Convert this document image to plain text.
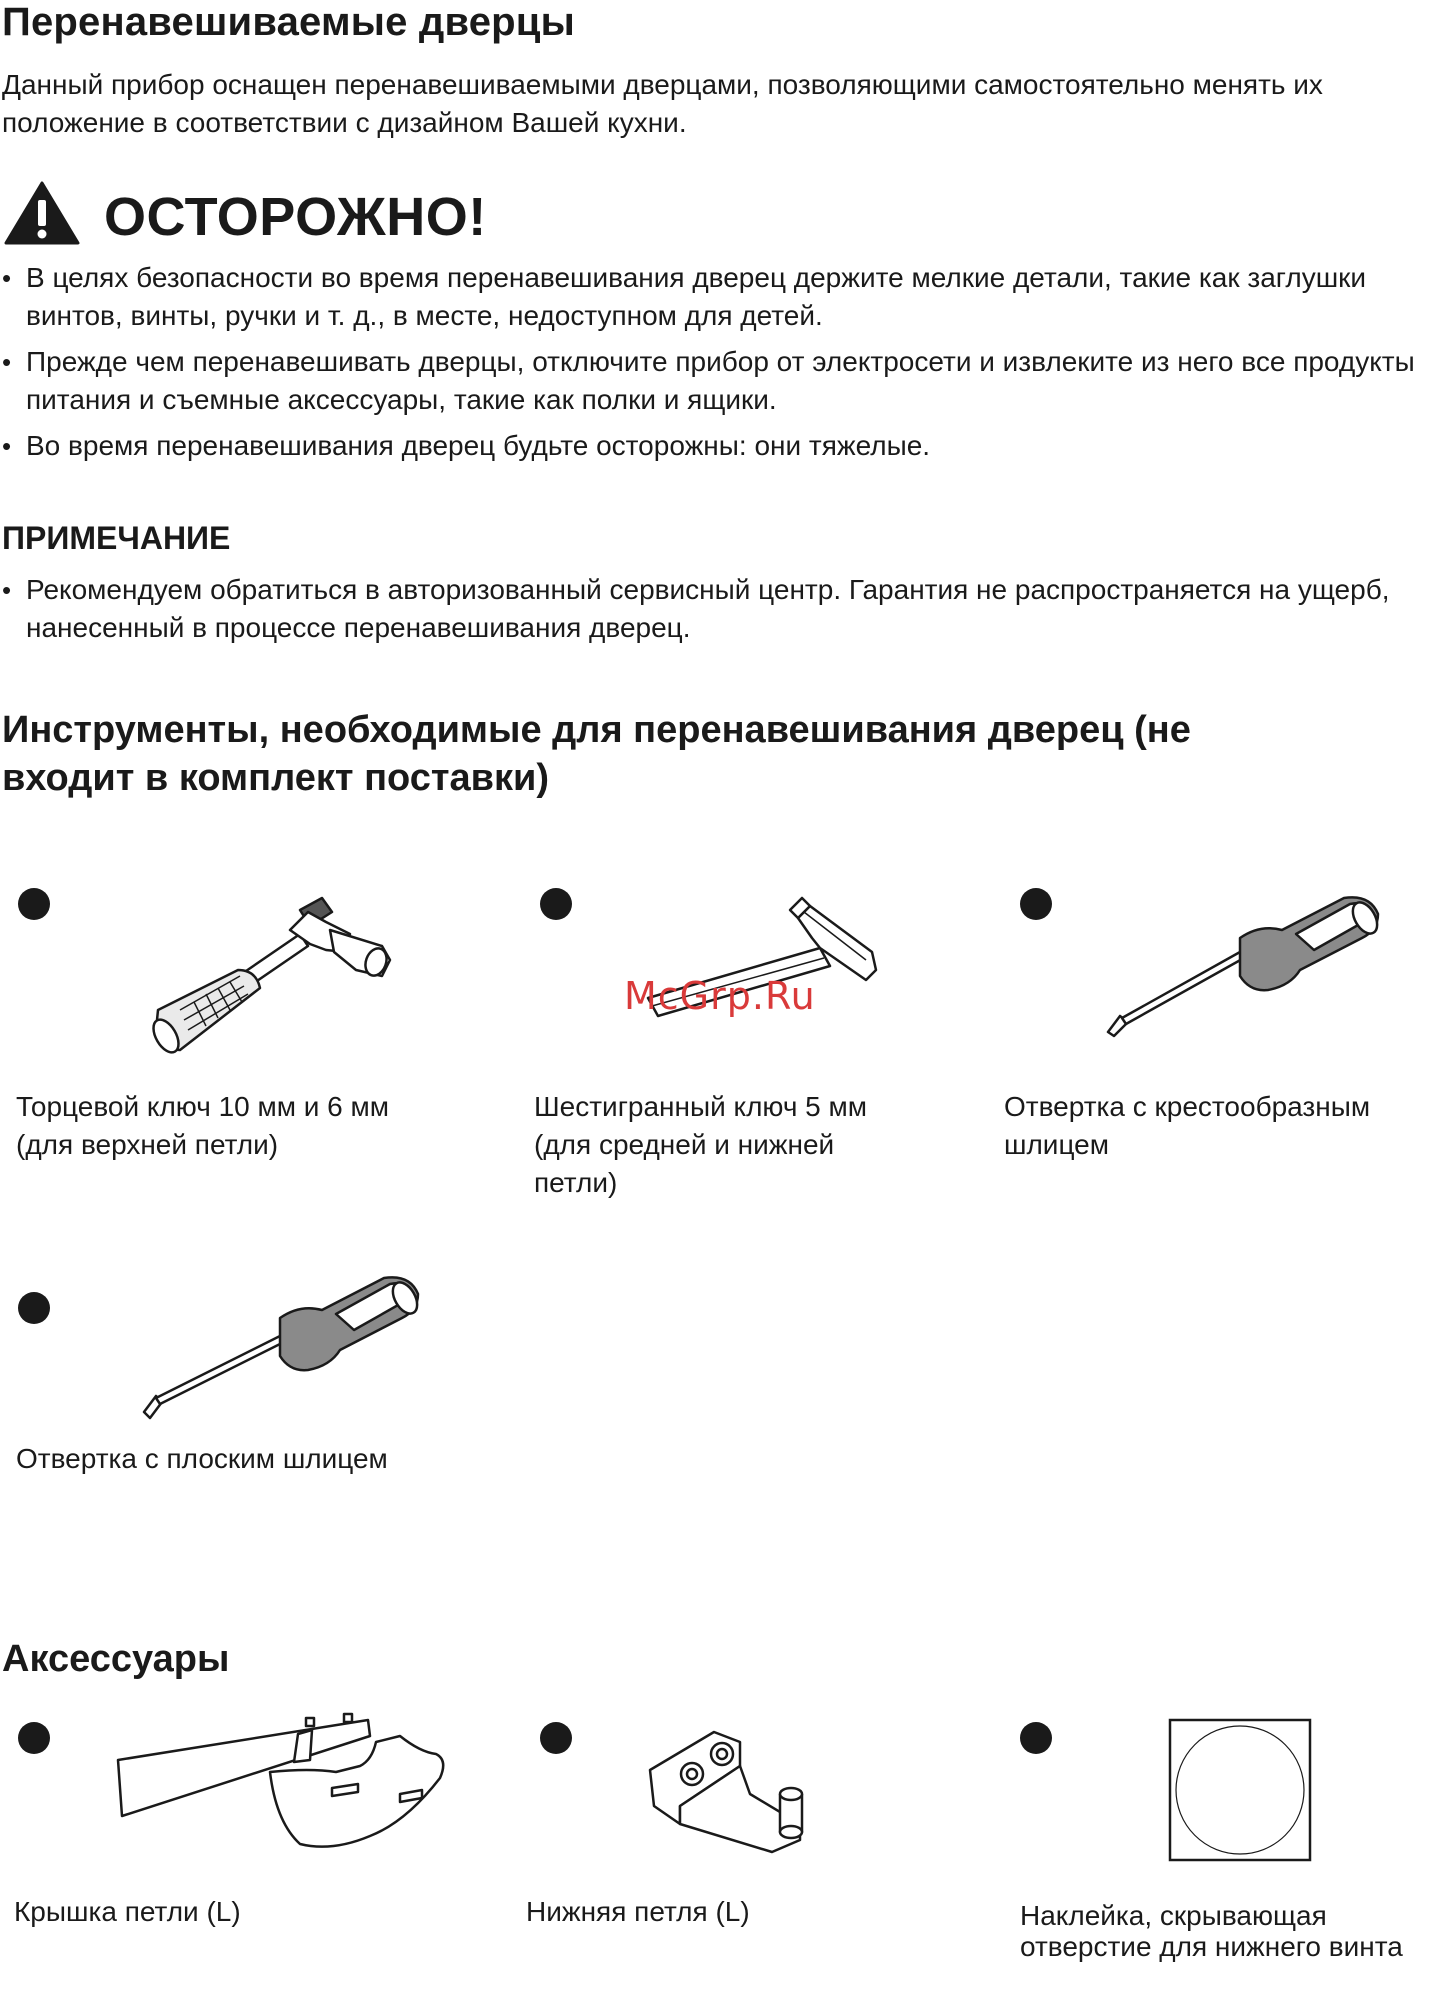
Перенавешиваемые дверцы

Данный прибор оснащен перенавешиваемыми дверцами, позволяющими самостоятельно менять их положение в соответствии с дизайном Вашей кухни.

ОСТОРОЖНО!
• В целях безопасности во время перенавешивания дверец держите мелкие детали, такие как заглушки винтов, винты, ручки и т. д., в месте, недоступном для детей.
• Прежде чем перенавешивать дверцы, отключите прибор от электросети и извлеките из него все продукты питания и съемные аксессуары, такие как полки и ящики.
• Во время перенавешивания дверец будьте осторожны: они тяжелые.
ПРИМЕЧАНИЕ
• Рекомендуем обратиться в авторизованный сервисный центр. Гарантия не распространяется на ущерб, нанесенный в процессе перенавешивания дверец.
Инструменты, необходимые для перенавешивания дверец (не входит в комплект поставки)

Торцевой ключ 10 мм и 6 мм (для верхней петли)

Шестигранный ключ 5 мм (для средней и нижней петли)

Отвертка с крестообразным шлицем

Отвертка с плоским шлицем

Аксессуары

Крышка петли (L)	Нижняя петля (L)	Наклейка, скрывающая отверстие для нижнего винта

McGrp.Ru
